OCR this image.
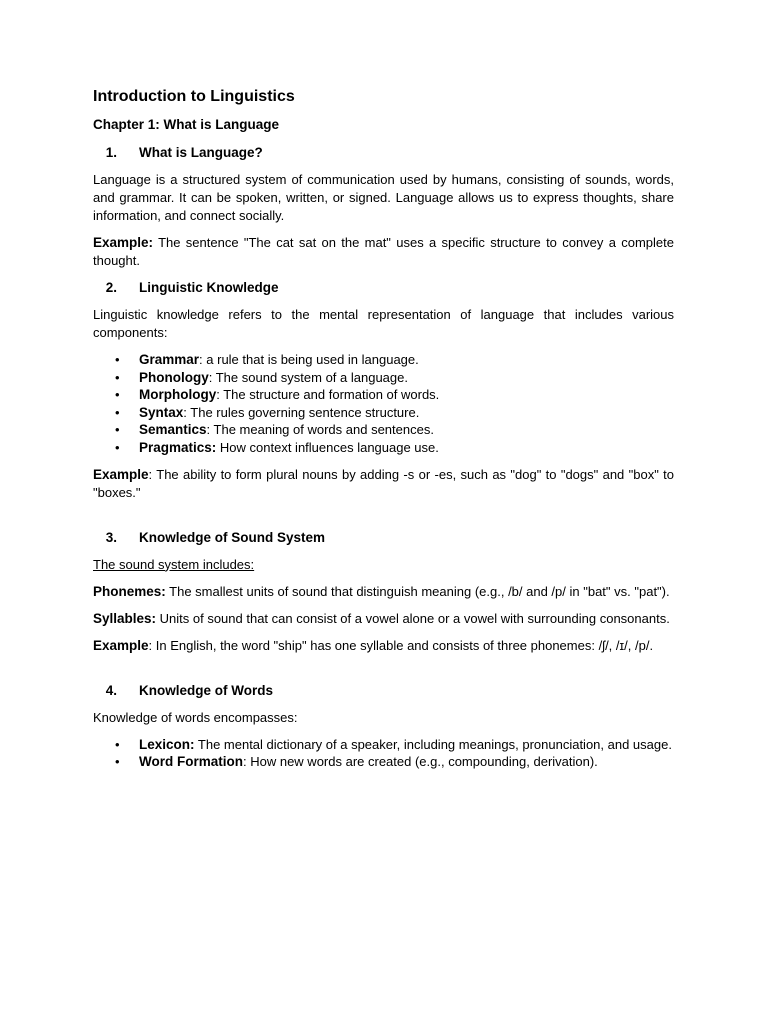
Introduction to Linguistics
Chapter 1: What is Language
1. What is Language?

Language is a structured system of communication used by humans, consisting of sounds, words, and grammar. It can be spoken, written, or signed. Language allows us to express thoughts, share information, and connect socially.

Example: The sentence "The cat sat on the mat" uses a specific structure to convey a complete thought.

2. Linguistic Knowledge

Linguistic knowledge refers to the mental representation of language that includes various components:

•	Grammar: a rule that is being used in language.
•	Phonology: The sound system of a language.
•	Morphology: The structure and formation of words.
•	Syntax: The rules governing sentence structure.
•	Semantics: The meaning of words and sentences.
•	Pragmatics: How context influences language use.

Example: The ability to form plural nouns by adding -s or -es, such as "dog" to "dogs" and "box" to "boxes."

3. Knowledge of Sound System

The sound system includes:

Phonemes: The smallest units of sound that distinguish meaning (e.g., /b/ and /p/ in "bat" vs. "pat").

Syllables: Units of sound that can consist of a vowel alone or a vowel with surrounding consonants.

Example: In English, the word "ship" has one syllable and consists of three phonemes: /ʃ/, /ɪ/, /p/.

4. Knowledge of Words

Knowledge of words encompasses:

•	Lexicon: The mental dictionary of a speaker, including meanings, pronunciation, and usage.
•	Word Formation: How new words are created (e.g., compounding, derivation).
